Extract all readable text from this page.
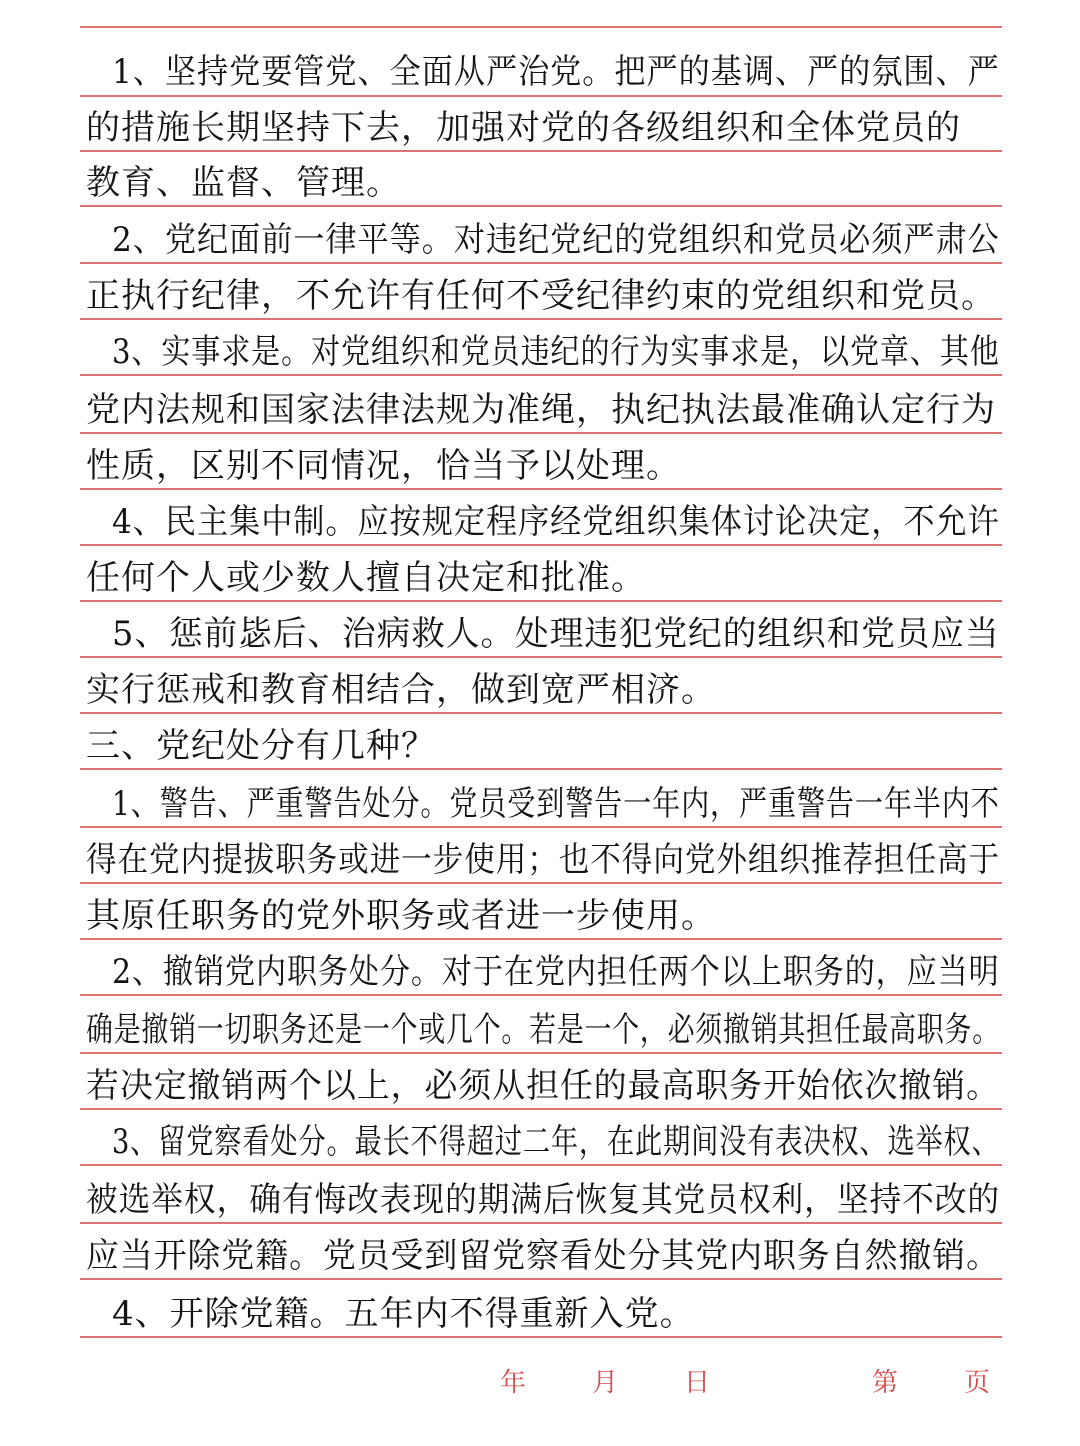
1、坚持党要管党、全面从严治党。把严的基调、严的氛围、严
的措施长期坚持下去，加强对党的各级组织和全体党员的
教育、监督、管理。
2、党纪面前一律平等。对违纪党纪的党组织和党员必须严肃公
正执行纪律，不允许有任何不受纪律约束的党组织和党员。
3、实事求是。对党组织和党员违纪的行为实事求是，以党章、其他
党内法规和国家法律法规为准绳，执纪执法最准确认定行为
性质，区别不同情况，恰当予以处理。
4、民主集中制。应按规定程序经党组织集体讨论决定，不允许
任何个人或少数人擅自决定和批准。
5、惩前毖后、治病救人。处理违犯党纪的组织和党员应当
实行惩戒和教育相结合，做到宽严相济。
三、党纪处分有几种？
1、警告、严重警告处分。党员受到警告一年内，严重警告一年半内不
得在党内提拔职务或进一步使用；也不得向党外组织推荐担任高于
其原任职务的党外职务或者进一步使用。
2、撤销党内职务处分。对于在党内担任两个以上职务的，应当明
确是撤销一切职务还是一个或几个。若是一个，必须撤销其担任最高职务。
若决定撤销两个以上，必须从担任的最高职务开始依次撤销。
3、留党察看处分。最长不得超过二年，在此期间没有表决权、选举权、
被选举权，确有悔改表现的期满后恢复其党员权利，坚持不改的
应当开除党籍。党员受到留党察看处分其党内职务自然撤销。
4、开除党籍。五年内不得重新入党。
年	月	日	第	页
